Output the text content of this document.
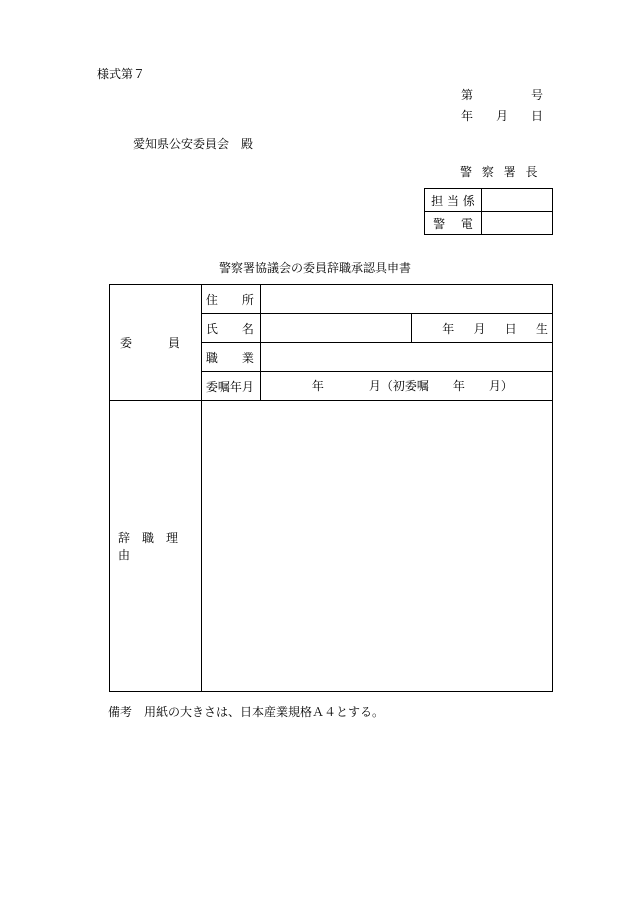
様式第７
第	号
年 月 日
愛知県公安委員会　殿
警 察 署 長
担 当 係	
警　 電	
警察署協議会の委員辞職承認具申書
委　　　員	住　　所		
	氏　　名		年 月 日 生

	職　　業		
	委嘱年月	年 月（初委嘱 年 月）	

辞　職　理　由			
備考　用紙の大きさは、日本産業規格Ａ４とする。
